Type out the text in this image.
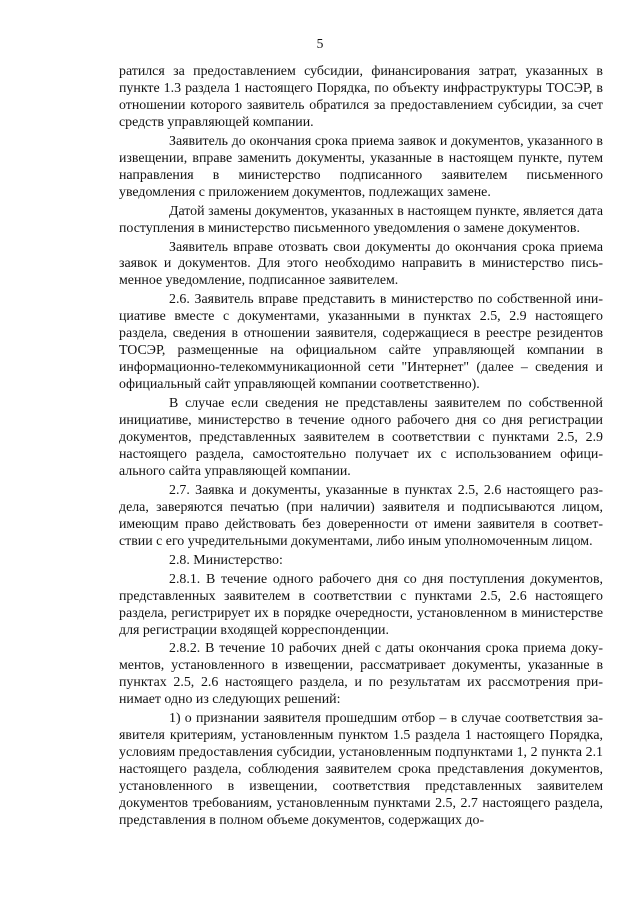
5

ратился за предоставлением субсидии, финансирования затрат, указанных в пункте 1.3 раздела 1 настоящего Порядка, по объекту инфраструктуры ТОСЭР, в отношении которого заявитель обратился за предоставлением субсидии, за счет средств управляющей компании.

Заявитель до окончания срока приема заявок и документов, указанного в извещении, вправе заменить документы, указанные в настоящем пункте, путем направления в министерство подписанного заявителем письменного уведомления с приложением документов, подлежащих замене.

Датой замены документов, указанных в настоящем пункте, является дата поступления в министерство письменного уведомления о замене документов.

Заявитель вправе отозвать свои документы до окончания срока приема заявок и документов. Для этого необходимо направить в министерство письменное уведомление, подписанное заявителем.

2.6. Заявитель вправе представить в министерство по собственной инициативе вместе с документами, указанными в пунктах 2.5, 2.9 настоящего раздела, сведения в отношении заявителя, содержащиеся в реестре резидентов ТОСЭР, размещенные на официальном сайте управляющей компании в информационно-телекоммуникационной сети "Интернет" (далее – сведения и официальный сайт управляющей компании соответственно).

В случае если сведения не представлены заявителем по собственной инициативе, министерство в течение одного рабочего дня со дня регистрации документов, представленных заявителем в соответствии с пунктами 2.5, 2.9 настоящего раздела, самостоятельно получает их с использованием официального сайта управляющей компании.

2.7. Заявка и документы, указанные в пунктах 2.5, 2.6 настоящего раздела, заверяются печатью (при наличии) заявителя и подписываются лицом, имеющим право действовать без доверенности от имени заявителя в соответствии с его учредительными документами, либо иным уполномоченным лицом.

2.8. Министерство:

2.8.1. В течение одного рабочего дня со дня поступления документов, представленных заявителем в соответствии с пунктами 2.5, 2.6 настоящего раздела, регистрирует их в порядке очередности, установленном в министерстве для регистрации входящей корреспонденции.

2.8.2. В течение 10 рабочих дней с даты окончания срока приема документов, установленного в извещении, рассматривает документы, указанные в пунктах 2.5, 2.6 настоящего раздела, и по результатам их рассмотрения принимает одно из следующих решений:

1) о признании заявителя прошедшим отбор – в случае соответствия заявителя критериям, установленным пунктом 1.5 раздела 1 настоящего Порядка, условиям предоставления субсидии, установленным подпунктами 1, 2 пункта 2.1 настоящего раздела, соблюдения заявителем срока представления документов, установленного в извещении, соответствия представленных заявителем документов требованиям, установленным пунктами 2.5, 2.7 настоящего раздела, представления в полном объеме документов, содержащих до-
